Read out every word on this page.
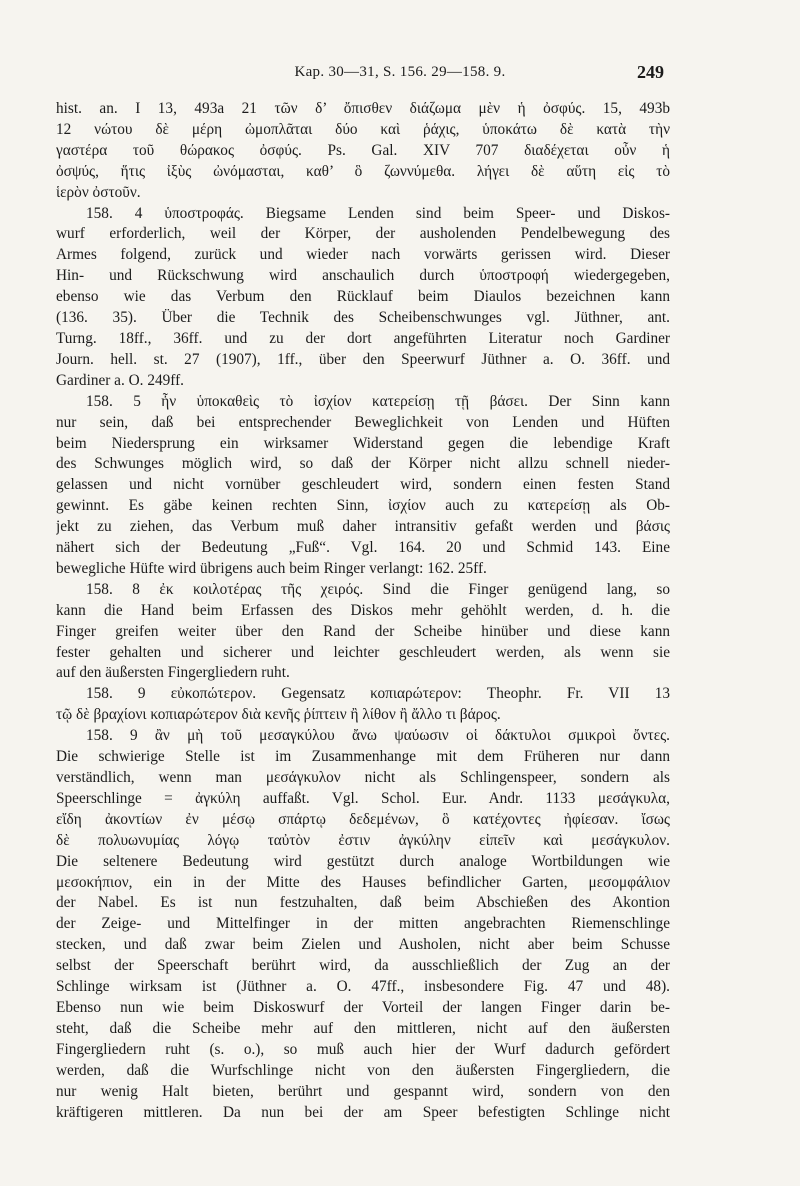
Kap. 30—31, S. 156. 29—158. 9.	249
hist. an. I 13, 493a 21 τῶν δ’ ὄπισθεν διάζωμα μὲν ἡ ὀσφύς. 15, 493b
12 νώτου δὲ μέρη ὠμοπλᾶται δύο καὶ ῥάχις, ὑποκάτω δὲ κατὰ τὴν
γαστέρα τοῦ θώρακος ὀσφύς. Ps. Gal. XIV 707 διαδέχεται οὖν ἡ
ὀσψύς, ἥτις ἰξὺς ὠνόμασται, καθ’ ὃ ζωννύμεθα. λήγει δὲ αὕτη εἰς τὸ
ἱερὸν ὀστοῦν.
158. 4 ὑποστροφάς. Biegsame Lenden sind beim Speer- und Diskos-
wurf erforderlich, weil der Körper, der ausholenden Pendelbewegung des
Armes folgend, zurück und wieder nach vorwärts gerissen wird. Dieser
Hin- und Rückschwung wird anschaulich durch ὑποστροφή wiedergegeben,
ebenso wie das Verbum den Rücklauf beim Diaulos bezeichnen kann
(136. 35). Über die Technik des Scheibenschwunges vgl. Jüthner, ant.
Turng. 18ff., 36ff. und zu der dort angeführten Literatur noch Gardiner
Journ. hell. st. 27 (1907), 1ff., über den Speerwurf Jüthner a. O. 36ff. und
Gardiner a. O. 249ff.
158. 5 ἦν ὑποκαθεὶς τὸ ἰσχίον κατερείσῃ τῇ βάσει. Der Sinn kann
nur sein, daß bei entsprechender Beweglichkeit von Lenden und Hüften
beim Niedersprung ein wirksamer Widerstand gegen die lebendige Kraft
des Schwunges möglich wird, so daß der Körper nicht allzu schnell nieder-
gelassen und nicht vornüber geschleudert wird, sondern einen festen Stand
gewinnt. Es gäbe keinen rechten Sinn, ἰσχίον auch zu κατερείσῃ als Ob-
jekt zu ziehen, das Verbum muß daher intransitiv gefaßt werden und βάσις
nähert sich der Bedeutung „Fuß“. Vgl. 164. 20 und Schmid 143. Eine
bewegliche Hüfte wird übrigens auch beim Ringer verlangt: 162. 25ff.
158. 8 ἐκ κοιλοτέρας τῆς χειρός. Sind die Finger genügend lang, so
kann die Hand beim Erfassen des Diskos mehr gehöhlt werden, d. h. die
Finger greifen weiter über den Rand der Scheibe hinüber und diese kann
fester gehalten und sicherer und leichter geschleudert werden, als wenn sie
auf den äußersten Fingergliedern ruht.
158. 9 εὐκοπώτερον. Gegensatz κοπιαρώτερον: Theophr. Fr. VII 13
τῷ δὲ βραχίονι κοπιαρώτερον διὰ κενῆς ῥίπτειν ἢ λίθον ἢ ἄλλο τι βάρος.
158. 9 ἂν μὴ τοῦ μεσαγκύλου ἄνω ψαύωσιν οἱ δάκτυλοι σμικροὶ ὄντες.
Die schwierige Stelle ist im Zusammenhange mit dem Früheren nur dann
verständlich, wenn man μεσάγκυλον nicht als Schlingenspeer, sondern als
Speerschlinge = ἀγκύλη auffaßt. Vgl. Schol. Eur. Andr. 1133 μεσάγκυλα,
εἴδη ἀκοντίων ἐν μέσῳ σπάρτῳ δεδεμένων, ὃ κατέχοντες ἠφίεσαν. ἴσως
δὲ πολυωνυμίας λόγῳ ταὐτὸν ἐστιν ἀγκύλην εἰπεῖν καὶ μεσάγκυλον.
Die seltenere Bedeutung wird gestützt durch analoge Wortbildungen wie
μεσοκήπιον, ein in der Mitte des Hauses befindlicher Garten, μεσομφάλιον
der Nabel. Es ist nun festzuhalten, daß beim Abschießen des Akontion
der Zeige- und Mittelfinger in der mitten angebrachten Riemenschlinge
stecken, und daß zwar beim Zielen und Ausholen, nicht aber beim Schusse
selbst der Speerschaft berührt wird, da ausschließlich der Zug an der
Schlinge wirksam ist (Jüthner a. O. 47ff., insbesondere Fig. 47 und 48).
Ebenso nun wie beim Diskoswurf der Vorteil der langen Finger darin be-
steht, daß die Scheibe mehr auf den mittleren, nicht auf den äußersten
Fingergliedern ruht (s. o.), so muß auch hier der Wurf dadurch gefördert
werden, daß die Wurfschlinge nicht von den äußersten Fingergliedern, die
nur wenig Halt bieten, berührt und gespannt wird, sondern von den
kräftigeren mittleren. Da nun bei der am Speer befestigten Schlinge nicht
